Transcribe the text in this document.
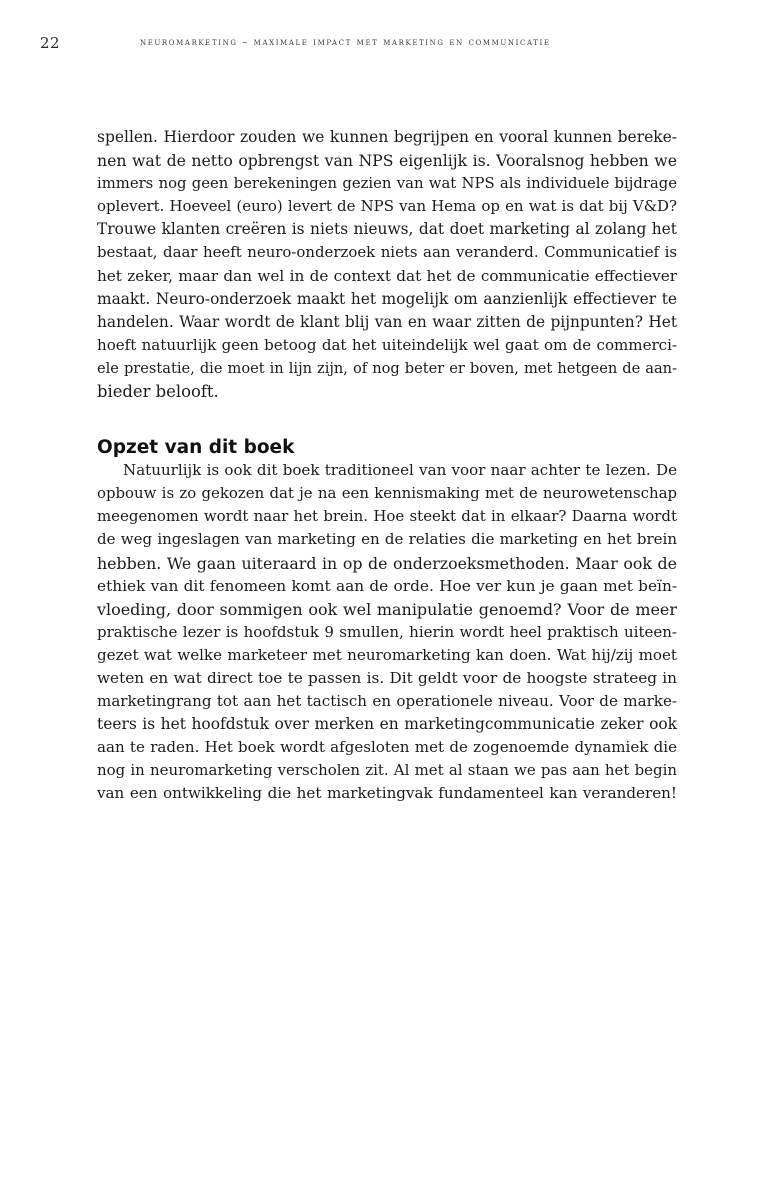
22	neuromarketing – maximale impact met marketing en communicatie
spellen. Hierdoor zouden we kunnen begrijpen en vooral kunnen bereke-
nen wat de netto opbrengst van NPS eigenlijk is. Vooralsnog hebben we
immers nog geen berekeningen gezien van wat NPS als individuele bijdrage
oplevert. Hoeveel (euro) levert de NPS van Hema op en wat is dat bij V&D?
Trouwe klanten creëren is niets nieuws, dat doet marketing al zolang het
bestaat, daar heeft neuro-onderzoek niets aan veranderd. Communicatief is
het zeker, maar dan wel in de context dat het de communicatie effectiever
maakt. Neuro-onderzoek maakt het mogelijk om aanzienlijk effectiever te
handelen. Waar wordt de klant blij van en waar zitten de pijnpunten? Het
hoeft natuurlijk geen betoog dat het uiteindelijk wel gaat om de commerci-
ele prestatie, die moet in lijn zijn, of nog beter er boven, met hetgeen de aan-
bieder belooft.
Opzet van dit boek
Natuurlijk is ook dit boek traditioneel van voor naar achter te lezen. De
opbouw is zo gekozen dat je na een kennismaking met de neurowetenschap
meegenomen wordt naar het brein. Hoe steekt dat in elkaar? Daarna wordt
de weg ingeslagen van marketing en de relaties die marketing en het brein
hebben. We gaan uiteraard in op de onderzoeksmethoden. Maar ook de
ethiek van dit fenomeen komt aan de orde. Hoe ver kun je gaan met beïn-
vloeding, door sommigen ook wel manipulatie genoemd? Voor de meer
praktische lezer is hoofdstuk 9 smullen, hierin wordt heel praktisch uiteen-
gezet wat welke marketeer met neuromarketing kan doen. Wat hij/zij moet
weten en wat direct toe te passen is. Dit geldt voor de hoogste strateeg in
marketingrang tot aan het tactisch en operationele niveau. Voor de marke-
teers is het hoofdstuk over merken en marketingcommunicatie zeker ook
aan te raden. Het boek wordt afgesloten met de zogenoemde dynamiek die
nog in neuromarketing verscholen zit. Al met al staan we pas aan het begin
van een ontwikkeling die het marketingvak fundamenteel kan veranderen!
